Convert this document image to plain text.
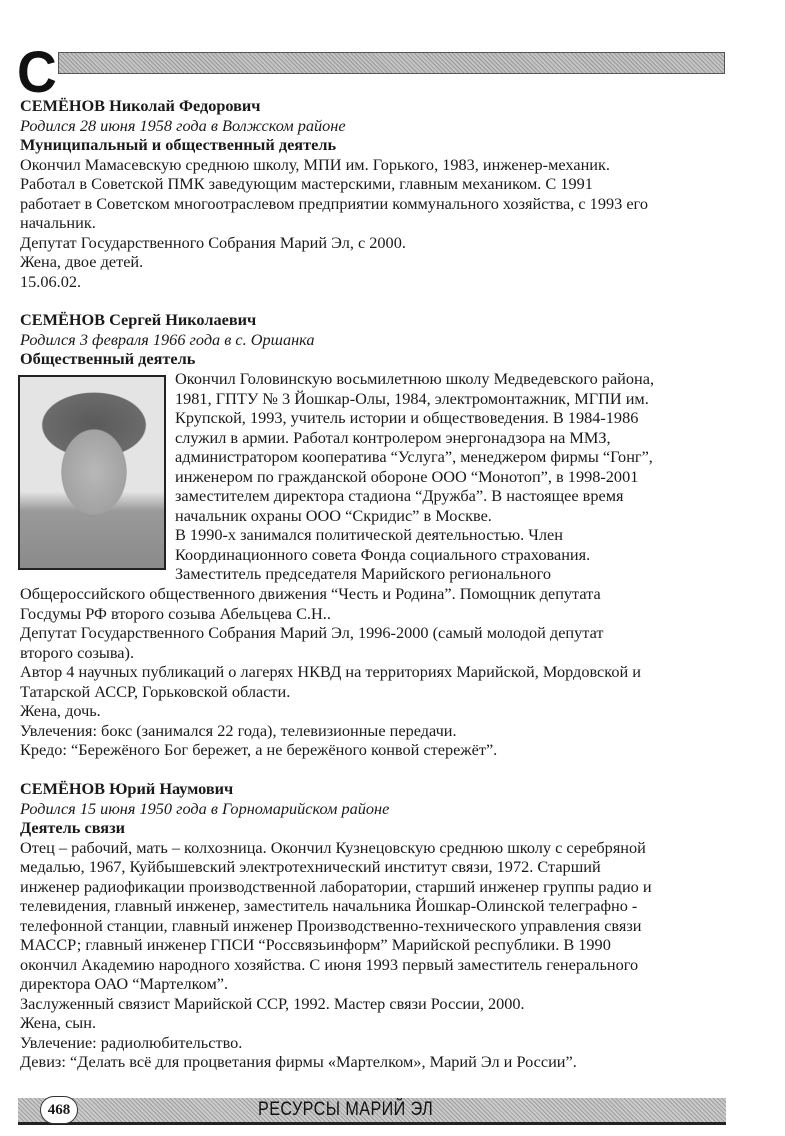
С
СЕМЁНОВ Николай Федорович
Родился 28 июня 1958 года в Волжском районе
Муниципальный и общественный деятель

Окончил Мамасевскую среднюю школу, МПИ им. Горького, 1983, инженер-механик.

Работал в Советской ПМК заведующим мастерскими, главным механиком. С 1991

работает в Советском многоотраслевом предприятии коммунального хозяйства, с 1993 его

начальник.

Депутат Государственного Собрания Марий Эл, с 2000.

Жена, двое детей.

15.06.02.

СЕМЁНОВ Сергей Николаевич
Родился 3 февраля 1966 года в с. Оршанка
Общественный деятель

Окончил Головинскую восьмилетнюю школу Медведевского района,

1981, ГПТУ № 3 Йошкар-Олы, 1984, электромонтажник, МГПИ им.

Крупской, 1993, учитель истории и обществоведения. В 1984-1986

служил в армии. Работал контролером энергонадзора на ММЗ,

администратором кооператива “Услуга”, менеджером фирмы “Гонг”,

инженером по гражданской обороне ООО “Монотоп”, в 1998-2001

заместителем директора стадиона “Дружба”. В настоящее время

начальник охраны ООО “Скридис” в Москве.

В 1990-х занимался политической деятельностью. Член

Координационного совета Фонда социального страхования.

Заместитель председателя Марийского регионального

Общероссийского общественного движения “Честь и Родина”. Помощник депутата

Госдумы РФ второго созыва Абельцева С.Н..

Депутат Государственного Собрания Марий Эл, 1996-2000 (самый молодой депутат

второго созыва).

Автор 4 научных публикаций о лагерях НКВД на территориях Марийской, Мордовской и

Татарской АССР, Горьковской области.

Жена, дочь.

Увлечения: бокс (занимался 22 года), телевизионные передачи.

Кредо: “Бережёного Бог бережет, а не бережёного конвой стережёт”.

СЕМЁНОВ Юрий Наумович
Родился 15 июня 1950 года в Горномарийском районе
Деятель связи

Отец – рабочий, мать – колхозница. Окончил Кузнецовскую среднюю школу с серебряной

медалью, 1967, Куйбышевский электротехнический институт связи, 1972. Старший

инженер радиофикации производственной лаборатории, старший инженер группы радио и

телевидения, главный инженер, заместитель начальника Йошкар-Олинской телеграфно -

телефонной станции, главный инженер Производственно-технического управления связи

МАССР; главный инженер ГПСИ “Россвязьинформ” Марийской республики. В 1990

окончил Академию народного хозяйства. С июня 1993 первый заместитель генерального

директора ОАО “Мартелком”.

Заслуженный связист Марийской ССР, 1992. Мастер связи России, 2000.

Жена, сын.

Увлечение: радиолюбительство.

Девиз: “Делать всё для процветания фирмы «Мартелком», Марий Эл и России”.

468	РЕСУРСЫ МАРИЙ ЭЛ
